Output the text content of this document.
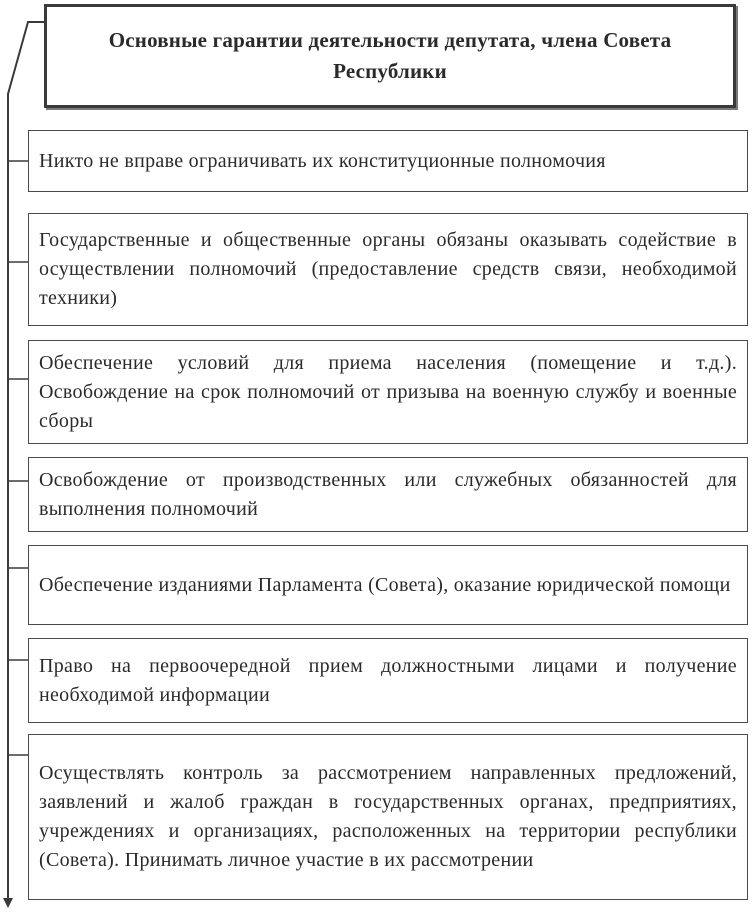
Основные гарантии деятельности депутата, члена Совета Республики
Никто не вправе ограничивать их конституционные полномочия
Государственные и общественные органы обязаны оказывать содействие в осуществлении полномочий (предоставление средств связи, необходимой техники)
Обеспечение условий для приема населения (помещение и т.д.). Освобождение на срок полномочий от призыва на военную службу и военные сборы
Освобождение от производственных или служебных обязанностей для выполнения полномочий
Обеспечение изданиями Парламента (Совета), оказание юридической помощи
Право на первоочередной прием должностными лицами и получение необходимой информации
Осуществлять контроль за рассмотрением направленных предложений, заявлений и жалоб граждан в государственных органах, предприятиях, учреждениях и организациях, расположенных на территории республики (Совета). Принимать личное участие в их рассмотрении
